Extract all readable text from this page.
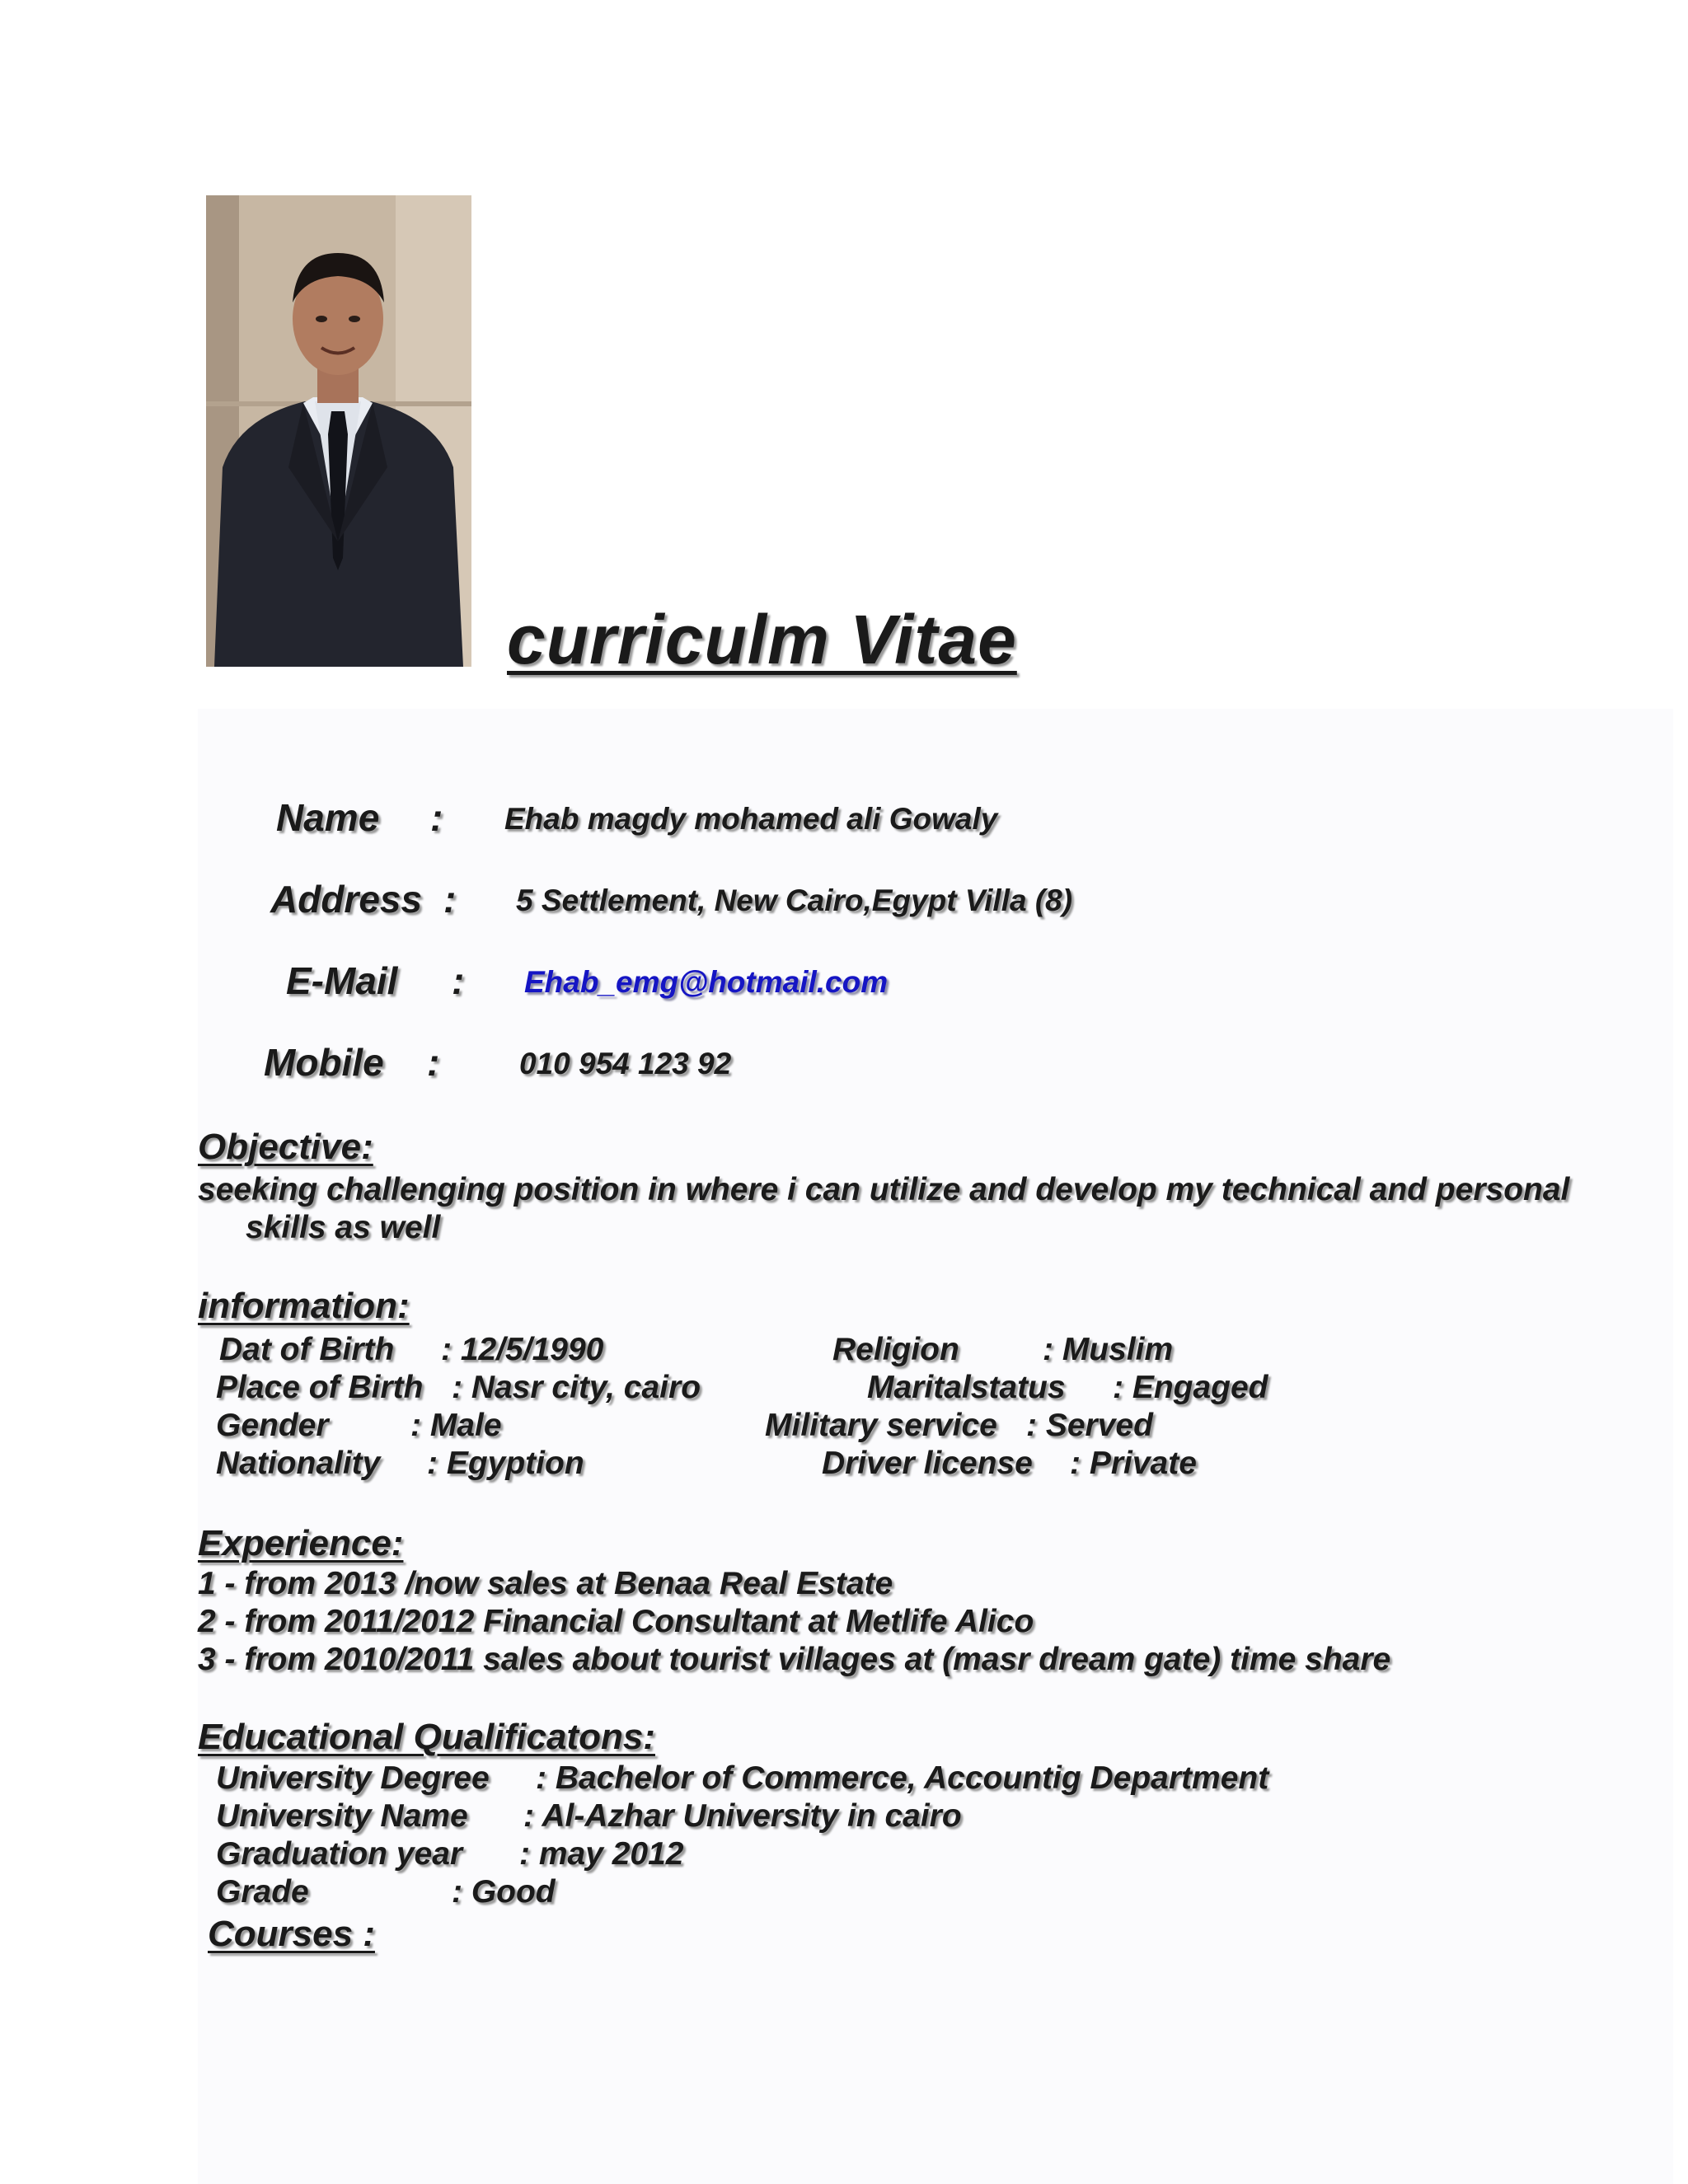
curriculm Vitae
Name : Ehab magdy mohamed ali Gowaly
Address : 5 Settlement, New Cairo,Egypt Villa (8)
E-Mail : Ehab_emg@hotmail.com
Mobile :	010 954 123 92
Objective:
seeking challenging position in where i can utilize and develop my technical and personal
skills as well
information:
Dat of Birth : 12/5/1990	Religion	: Muslim
Place of Birth : Nasr city, cairo	Maritalstatus : Engaged
Gender	: Male	Military service : Served
Nationality : Egyption	Driver license : Private
Experience:
1 - from 2013 /now sales at Benaa Real Estate
2 - from 2011/2012 Financial Consultant at Metlife Alico
3 - from 2010/2011 sales about tourist villages at (masr dream gate) time share
Educational Qualificatons:
University Degree : Bachelor of Commerce, Accountig Department
University Name : Al-Azhar University in cairo
Graduation year : may 2012
Grade	: Good
Courses :
